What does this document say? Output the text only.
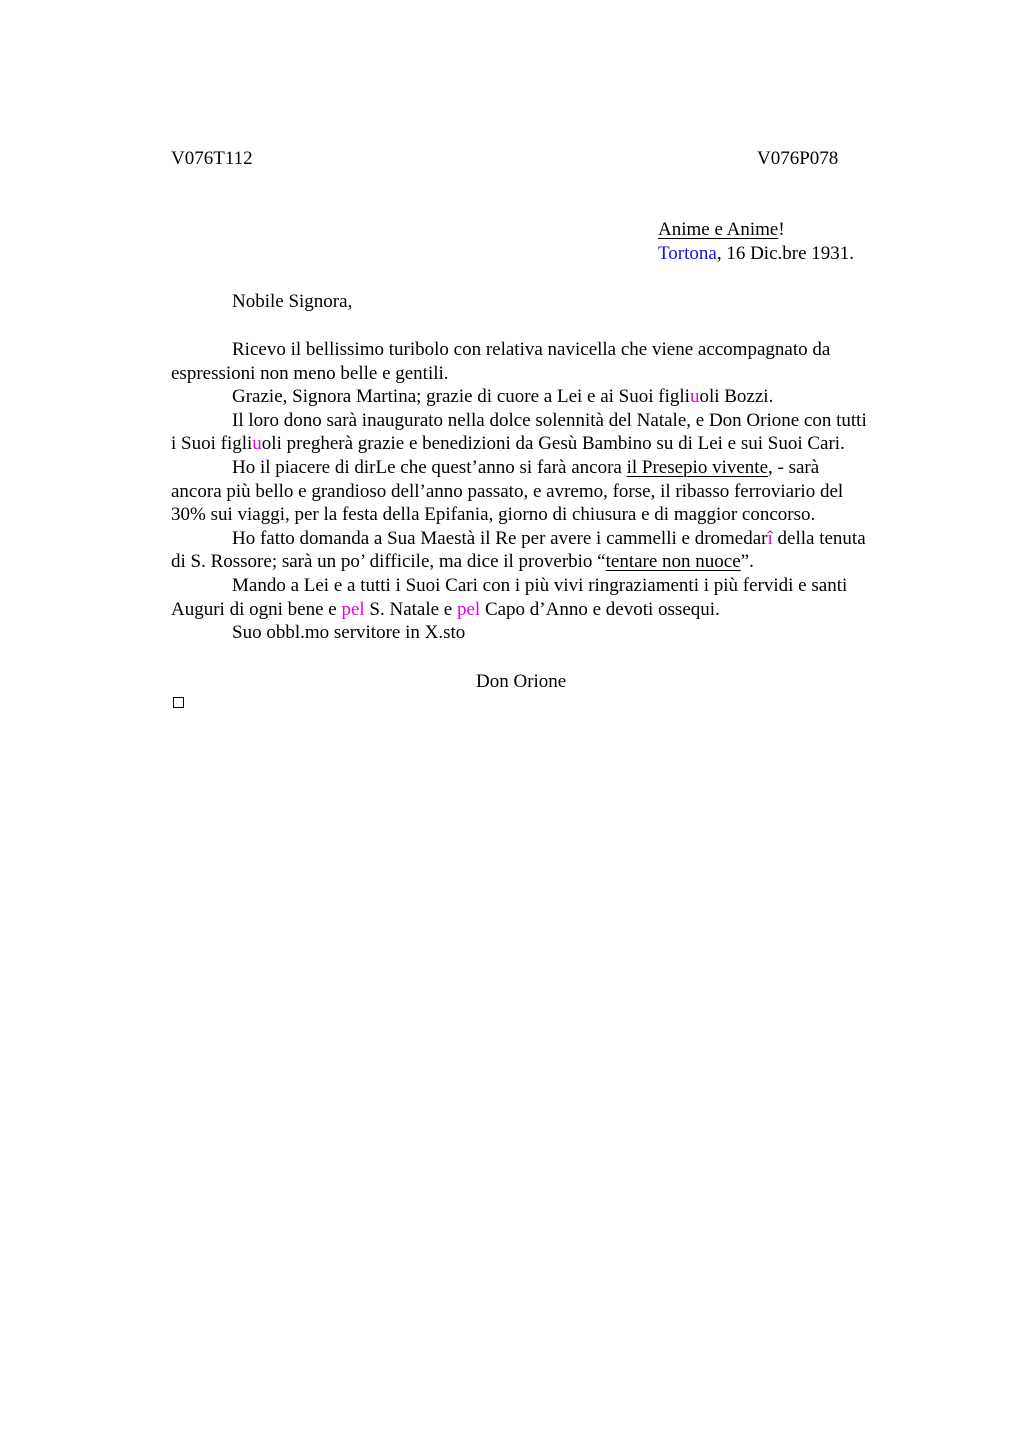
V076T112	V076P078
Anime e Anime!
Tortona, 16 Dic.bre 1931.
Nobile Signora,
Ricevo il bellissimo turibolo con relativa navicella che viene accompagnato da
espressioni non meno belle e gentili.
Grazie, Signora Martina; grazie di cuore a Lei e ai Suoi figliuoli Bozzi.
Il loro dono sarà inaugurato nella dolce solennità del Natale, e Don Orione con tutti
i Suoi figliuoli pregherà grazie e benedizioni da Gesù Bambino su di Lei e sui Suoi Cari.
Ho il piacere di dirLe che quest’anno si farà ancora il Presepio vivente, - sarà
ancora più bello e grandioso dell’anno passato, e avremo, forse, il ribasso ferroviario del
30% sui viaggi, per la festa della Epifania, giorno di chiusura e di maggior concorso.
Ho fatto domanda a Sua Maestà il Re per avere i cammelli e dromedarî della tenuta
di S. Rossore; sarà un po’ difficile, ma dice il proverbio “tentare non nuoce”.
Mando a Lei e a tutti i Suoi Cari con i più vivi ringraziamenti i più fervidi e santi
Auguri di ogni bene e pel S. Natale e pel Capo d’Anno e devoti ossequi.
Suo obbl.mo servitore in X.sto
Don Orione
